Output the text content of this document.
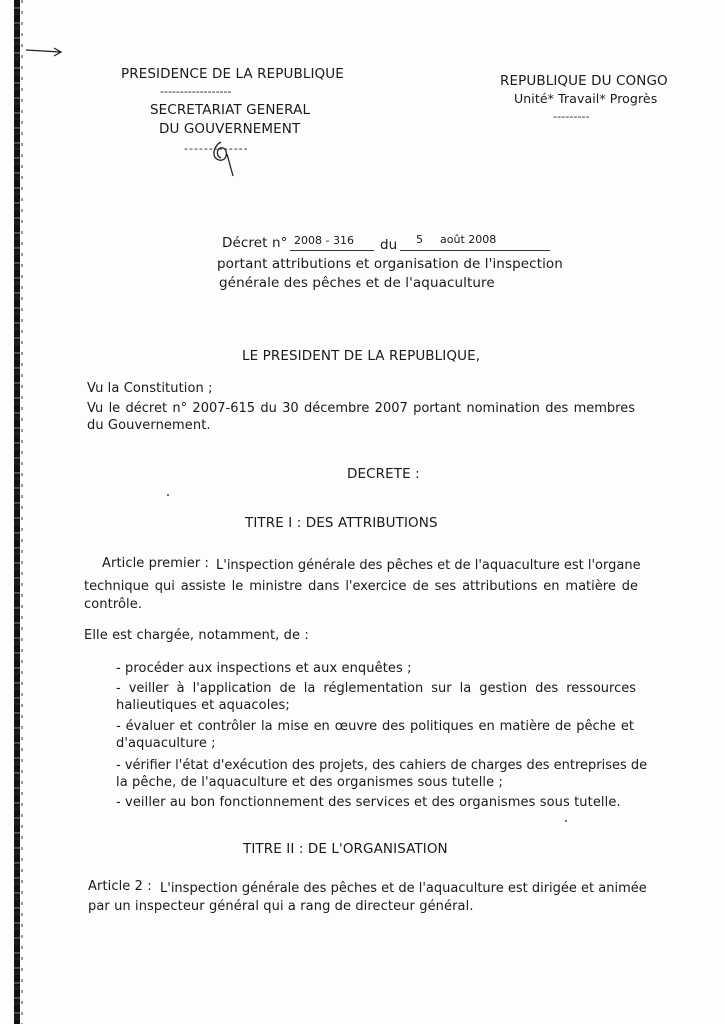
PRESIDENCE DE LA REPUBLIQUE
------------------
SECRETARIAT GENERAL
DU GOUVERNEMENT
-------------
REPUBLIQUE DU CONGO
Unité* Travail* Progrès
---------
Décret n° 2008 - 316 du 5 août 2008
portant attributions et organisation de l'inspection
générale des pêches et de l'aquaculture
LE PRESIDENT DE LA REPUBLIQUE,
Vu la Constitution ;
Vu le décret n° 2007-615 du 30 décembre 2007 portant nomination des membres
du Gouvernement.
DECRETE :
TITRE I : DES ATTRIBUTIONS
Article premier : L'inspection générale des pêches et de l'aquaculture est l'organe
technique qui assiste le ministre dans l'exercice de ses attributions en matière de
contrôle.
Elle est chargée, notamment, de :
- procéder aux inspections et aux enquêtes ;
- veiller à l'application de la réglementation sur la gestion des ressources
halieutiques et aquacoles;
- évaluer et contrôler la mise en œuvre des politiques en matière de pêche et
d'aquaculture ;
- vérifier l'état d'exécution des projets, des cahiers de charges des entreprises de
la pêche, de l'aquaculture et des organismes sous tutelle ;
- veiller au bon fonctionnement des services et des organismes sous tutelle.
TITRE II : DE L'ORGANISATION
Article 2 : L'inspection générale des pêches et de l'aquaculture est dirigée et animée
par un inspecteur général qui a rang de directeur général.
